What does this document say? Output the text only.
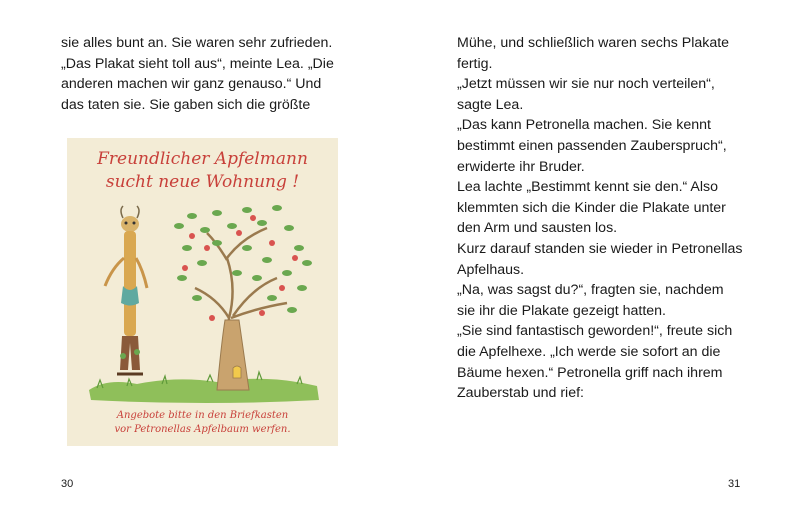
sie alles bunt an. Sie waren sehr zufrieden.

„Das Plakat sieht toll aus“, meinte Lea. „Die

anderen machen wir ganz genauso.“ Und

das taten sie. Sie gaben sich die größte

Freundlicher Apfelmann
sucht neue Wohnung !
Angebote bitte in den Briefkasten
vor Petronellas Apfelbaum werfen.
30

Mühe, und schließlich waren sechs Plakate

fertig.

„Jetzt müssen wir sie nur noch verteilen“,

sagte Lea.

„Das kann Petronella machen. Sie kennt

bestimmt einen passenden Zauberspruch“,

erwiderte ihr Bruder.

Lea lachte „Bestimmt kennt sie den.“ Also

klemmten sich die Kinder die Plakate unter

den Arm und sausten los.

Kurz darauf standen sie wieder in Petronellas

Apfelhaus.

„Na, was sagst du?“, fragten sie, nachdem

sie ihr die Plakate gezeigt hatten.

„Sie sind fantastisch geworden!“, freute sich

die Apfelhexe. „Ich werde sie sofort an die

Bäume hexen.“ Petronella griff nach ihrem

Zauberstab und rief:

31
